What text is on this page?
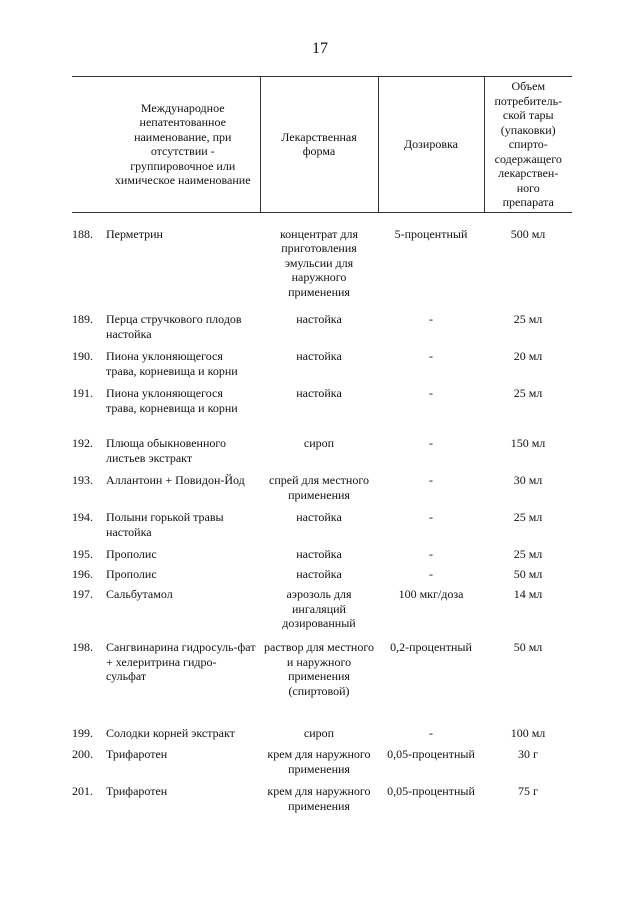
17
Международное непатентованное наименование, при отсутствии - группировочное или химическое наименование	Лекарственная форма	Дозировка	Объем потребитель-ской тары (упаковки) спирто-содержащего лекарствен-ного препарата
188. Перметрин	концентрат для приготовления эмульсии для наружного применения	5-процентный	500 мл
189. Перца стручкового плодов настойка	настойка	-	25 мл
190. Пиона уклоняющегося трава, корневища и корни	настойка	-	20 мл
191. Пиона уклоняющегося трава, корневища и корни	настойка	-	25 мл
192. Плюща обыкновенного листьев экстракт	сироп	-	150 мл
193. Аллантоин + Повидон-Йод	спрей для местного применения	-	30 мл
194. Полыни горькой травы настойка	настойка	-	25 мл
195. Прополис	настойка	-	25 мл
196. Прополис	настойка	-	50 мл
197. Сальбутамол	аэрозоль для ингаляций дозированный	100 мкг/доза	14 мл
198. Сангвинарина гидросуль-фат + хелеритрина гидро-сульфат	раствор для местного и наружного применения (спиртовой)	0,2-процентный	50 мл
199. Солодки корней экстракт	сироп	-	100 мл
200. Трифаротен	крем для наружного применения	0,05-процентный	30 г
201. Трифаротен	крем для наружного применения	0,05-процентный	75 г
